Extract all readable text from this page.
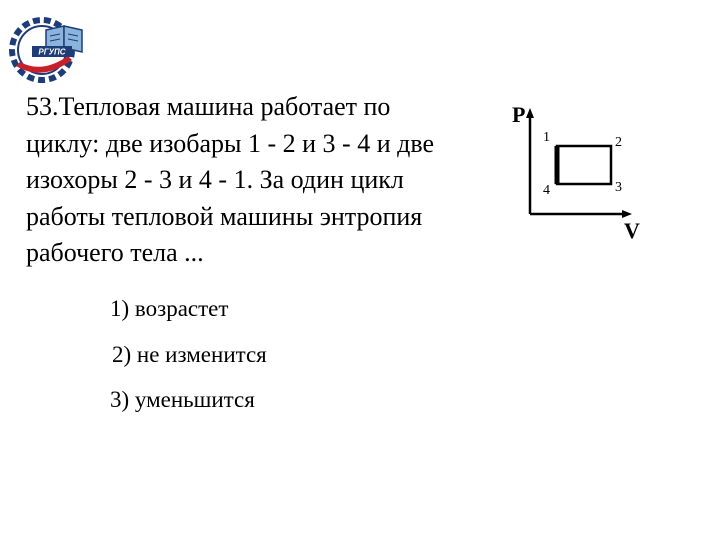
РГУПС
53.Тепловая машина работает по
циклу: две изобары 1 - 2 и 3 - 4 и две
изохоры 2 - 3 и 4 - 1. За один цикл
работы тепловой машины энтропия
рабочего тела ...
1) возрастет
2) не изменится
3) уменьшится
P
V
1	2
3
4
